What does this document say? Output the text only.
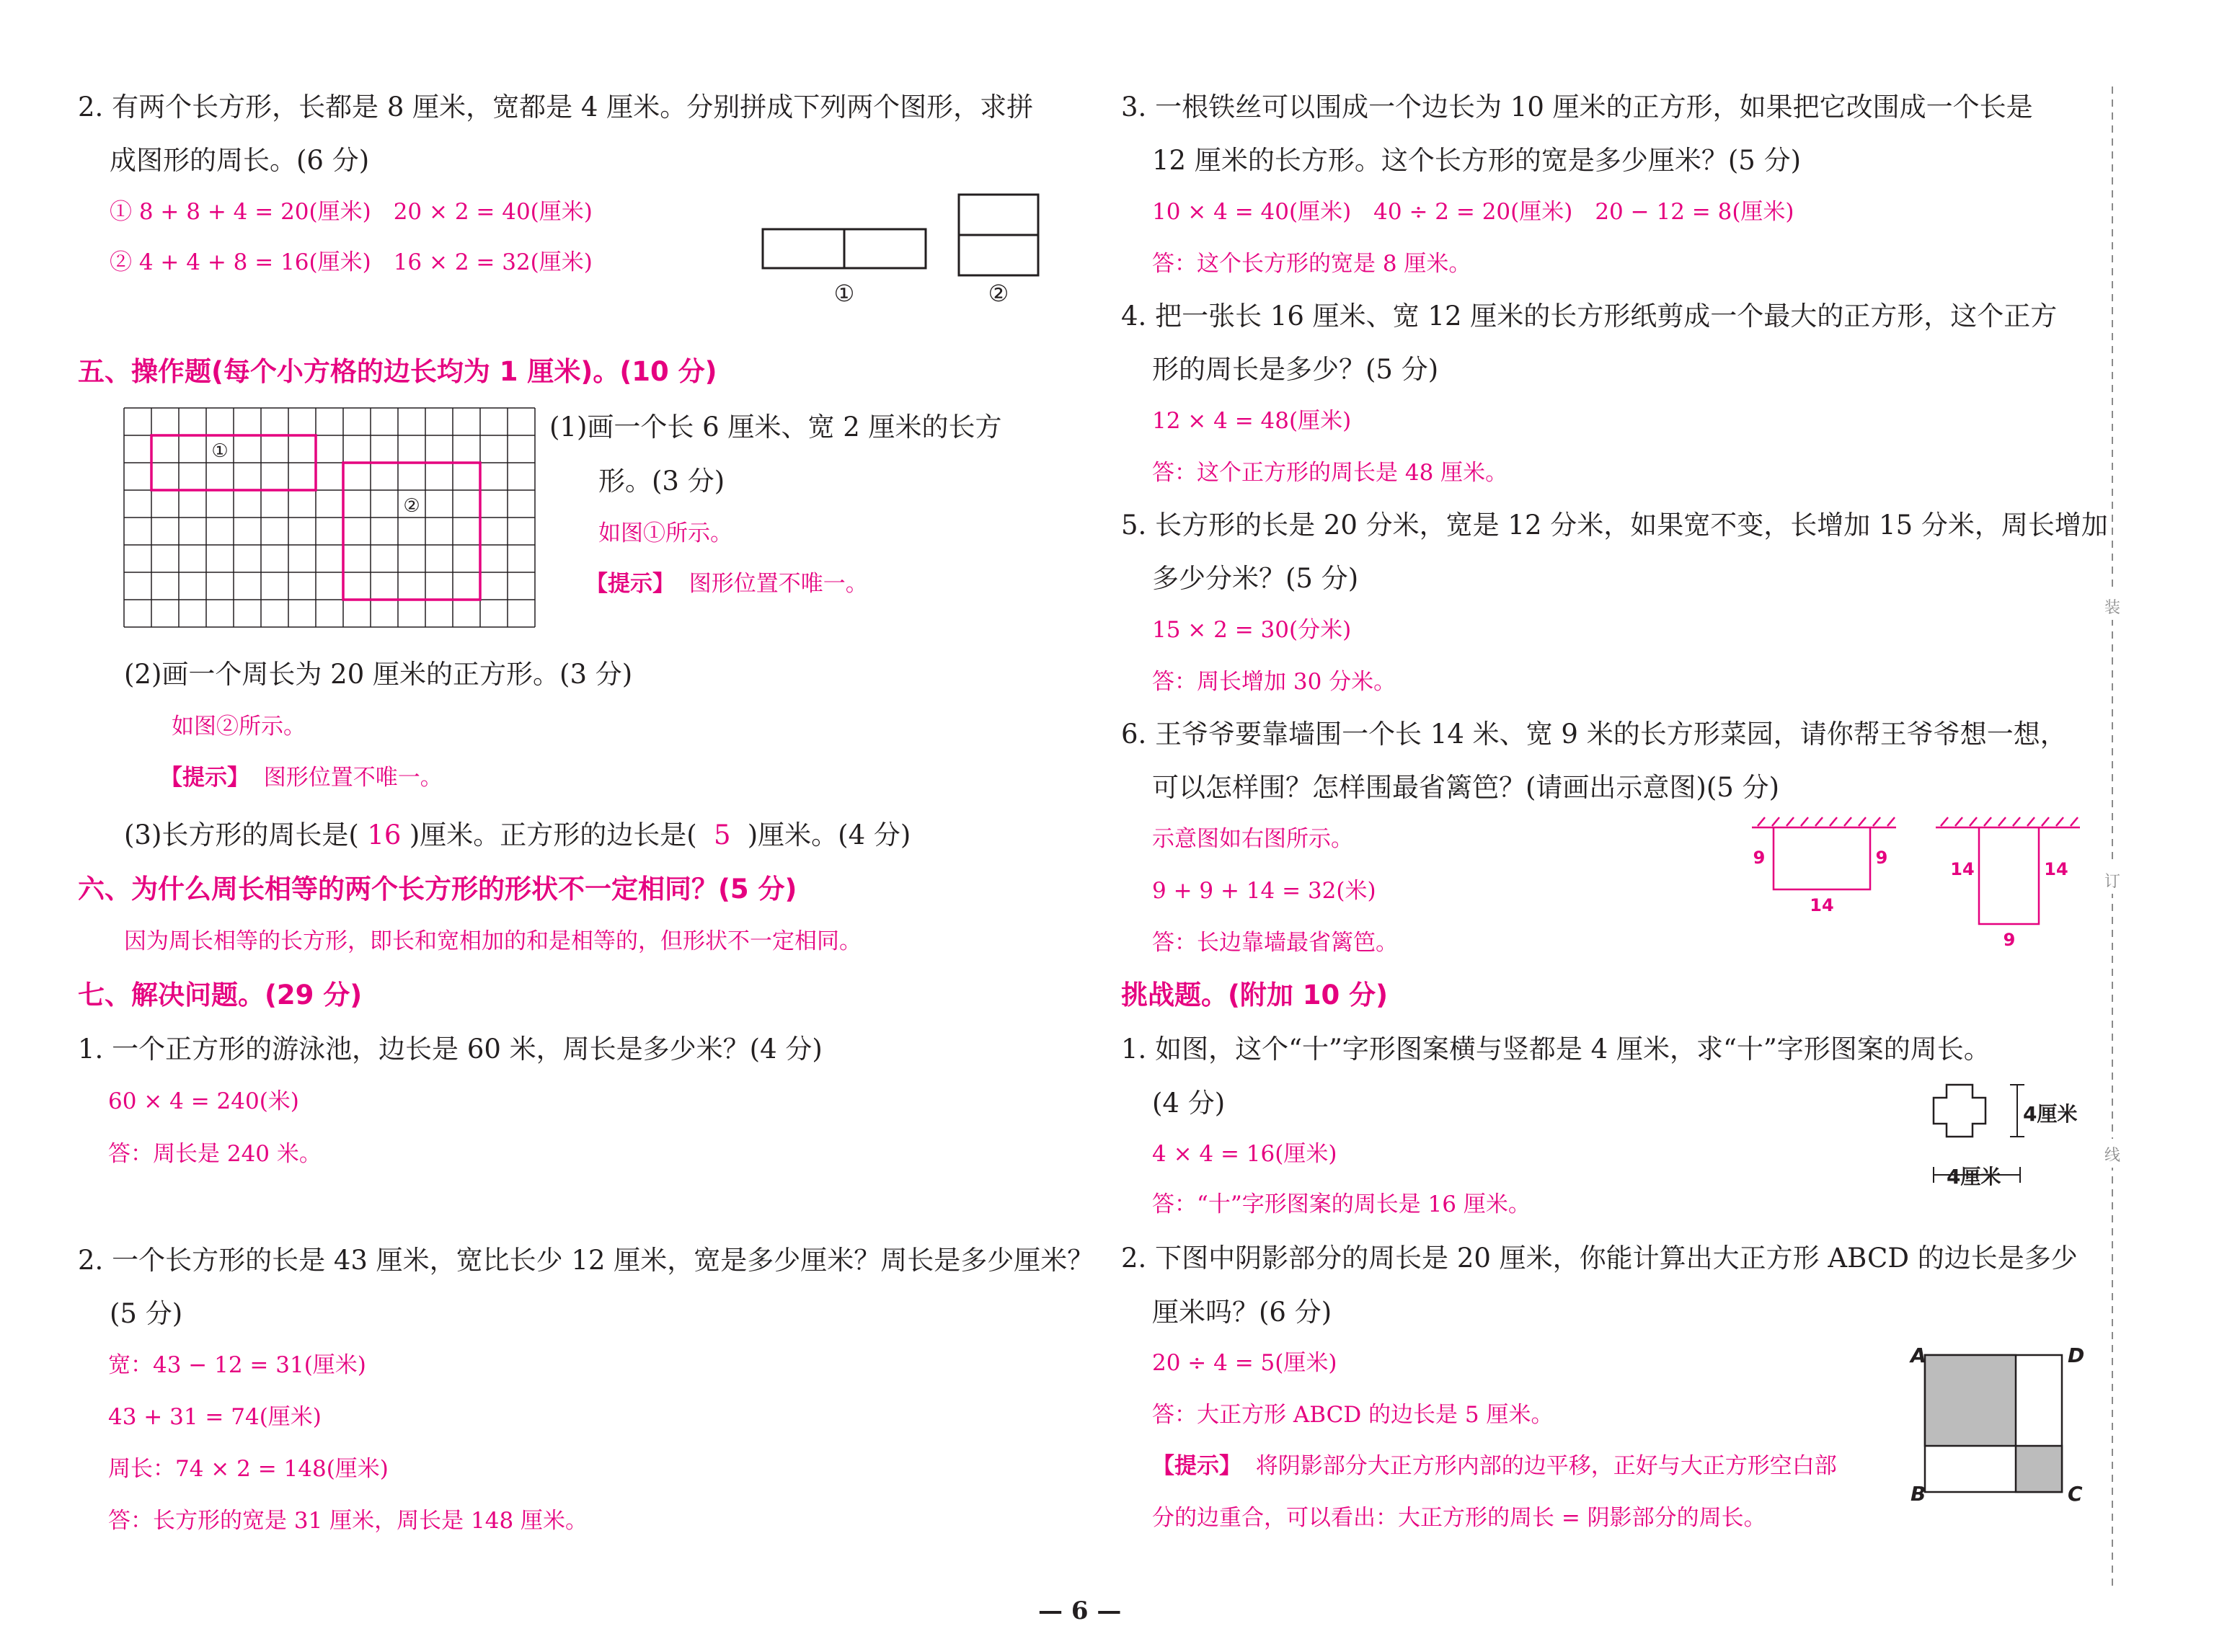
2. 有两个长方形，长都是 8 厘米，宽都是 4 厘米。分别拼成下列两个图形，求拼
成图形的周长。(6 分)
① 8 + 8 + 4 = 20(厘米)　20 × 2 = 40(厘米)
② 4 + 4 + 8 = 16(厘米)　16 × 2 = 32(厘米)
①	②
五、操作题(每个小方格的边长均为 1 厘米)。(10 分)
①
②
(1)画一个长 6 厘米、宽 2 厘米的长方
形。(3 分)
如图①所示。
【提示】 图形位置不唯一。
(2)画一个周长为 20 厘米的正方形。(3 分)
如图②所示。
【提示】 图形位置不唯一。
(3)长方形的周长是( 16 )厘米。正方形的边长是( 5 )厘米。(4 分)
六、为什么周长相等的两个长方形的形状不一定相同？(5 分)
因为周长相等的长方形，即长和宽相加的和是相等的，但形状不一定相同。
七、解决问题。(29 分)
1. 一个正方形的游泳池，边长是 60 米，周长是多少米？(4 分)
60 × 4 = 240(米)
答：周长是 240 米。
2. 一个长方形的长是 43 厘米，宽比长少 12 厘米，宽是多少厘米？周长是多少厘米？
(5 分)
宽：43 − 12 = 31(厘米)
43 + 31 = 74(厘米)
周长：74 × 2 = 148(厘米)
答：长方形的宽是 31 厘米，周长是 148 厘米。
3. 一根铁丝可以围成一个边长为 10 厘米的正方形，如果把它改围成一个长是
12 厘米的长方形。这个长方形的宽是多少厘米？(5 分)
10 × 4 = 40(厘米)　40 ÷ 2 = 20(厘米)　20 − 12 = 8(厘米)
答：这个长方形的宽是 8 厘米。
4. 把一张长 16 厘米、宽 12 厘米的长方形纸剪成一个最大的正方形，这个正方
形的周长是多少？(5 分)
12 × 4 = 48(厘米)
答：这个正方形的周长是 48 厘米。
5. 长方形的长是 20 分米，宽是 12 分米，如果宽不变，长增加 15 分米，周长增加
多少分米？(5 分)
15 × 2 = 30(分米)
答：周长增加 30 分米。
6. 王爷爷要靠墙围一个长 14 米、宽 9 米的长方形菜园，请你帮王爷爷想一想，
可以怎样围？怎样围最省篱笆？(请画出示意图)(5 分)
示意图如右图所示。
9 + 9 + 14 = 32(米)
答：长边靠墙最省篱笆。
9	9
14
14	14
9
挑战题。(附加 10 分)
1. 如图，这个“十”字形图案横与竖都是 4 厘米，求“十”字形图案的周长。
(4 分)
4 × 4 = 16(厘米)
答：“十”字形图案的周长是 16 厘米。
4厘米
4厘米
2. 下图中阴影部分的周长是 20 厘米，你能计算出大正方形 ABCD 的边长是多少
厘米吗？(6 分)
20 ÷ 4 = 5(厘米)
答：大正方形 ABCD 的边长是 5 厘米。
【提示】 将阴影部分大正方形内部的边平移，正好与大正方形空白部
分的边重合，可以看出：大正方形的周长 = 阴影部分的周长。
A	D
B	C
装
订
线
— 6 —
